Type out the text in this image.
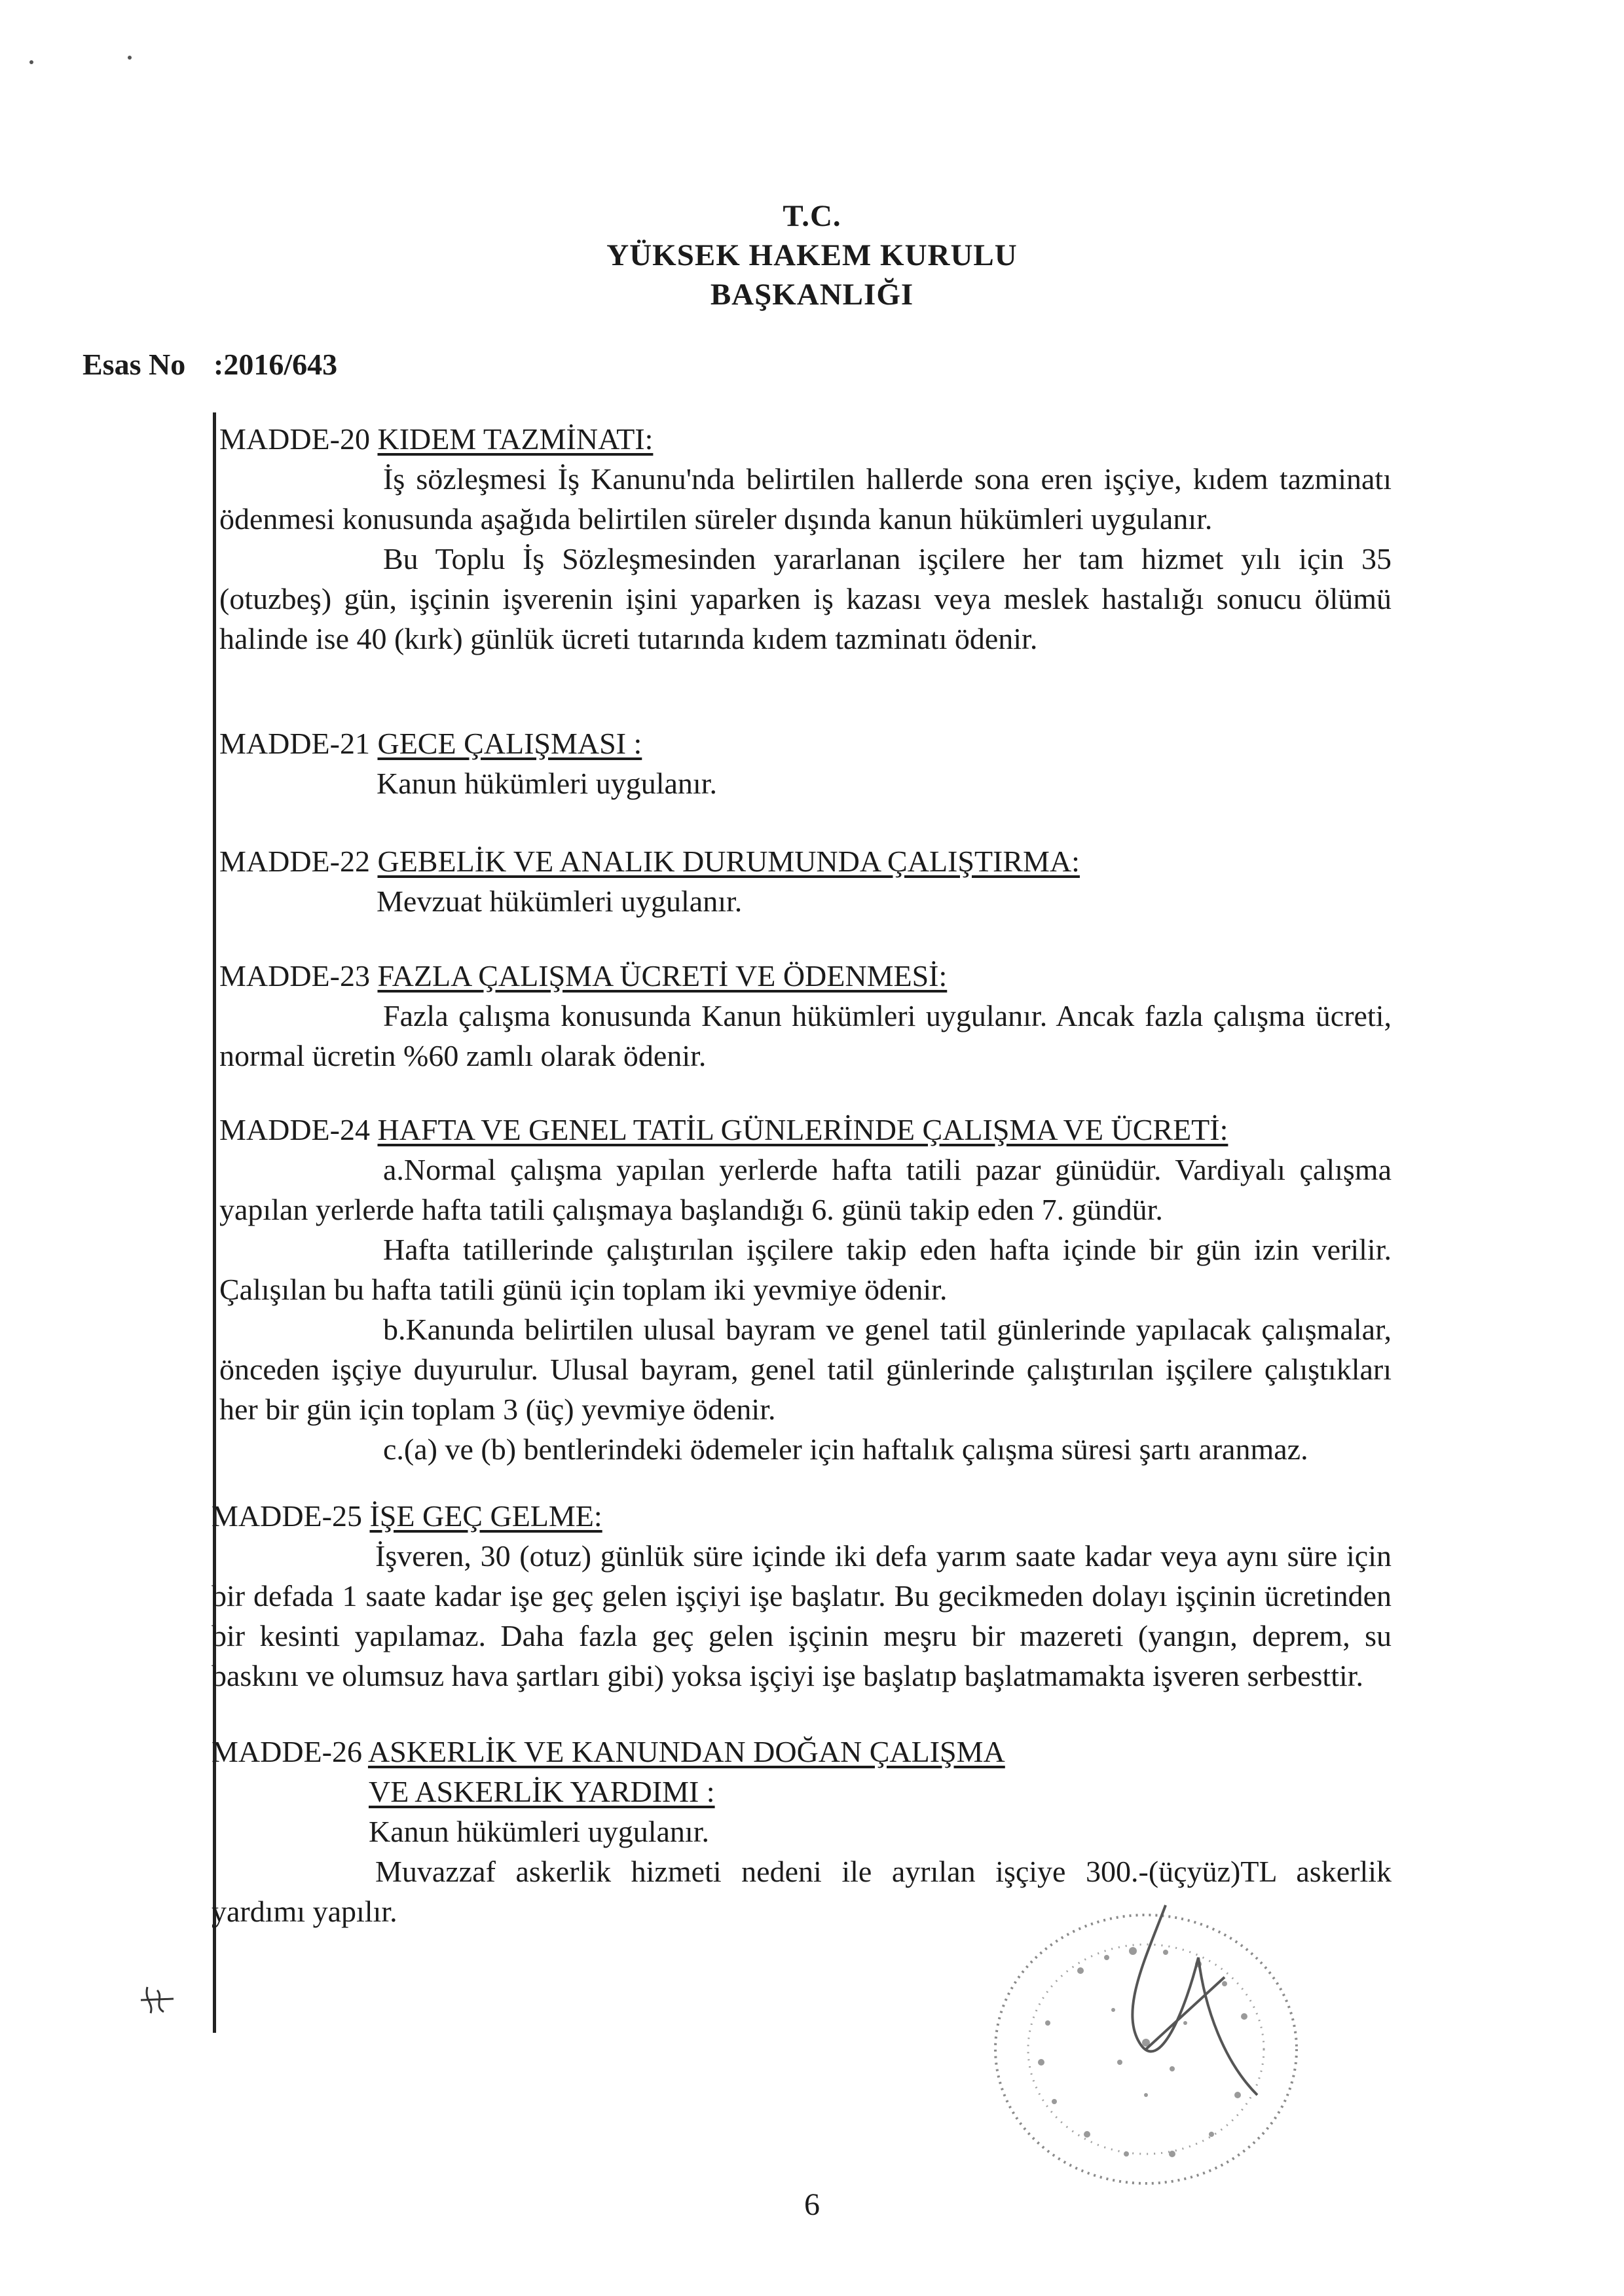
T.C.
YÜKSEK HAKEM KURULU
BAŞKANLIĞI
Esas No :2016/643
MADDE-20 KIDEM TAZMİNATI:

İş sözleşmesi İş Kanunu'nda belirtilen hallerde sona eren işçiye, kıdem tazminatı ödenmesi konusunda aşağıda belirtilen süreler dışında kanun hükümleri uygulanır.

Bu Toplu İş Sözleşmesinden yararlanan işçilere her tam hizmet yılı için 35 (otuzbeş) gün, işçinin işverenin işini yaparken iş kazası veya meslek hastalığı sonucu ölümü halinde ise 40 (kırk) günlük ücreti tutarında kıdem tazminatı ödenir.

MADDE-21 GECE ÇALIŞMASI :

Kanun hükümleri uygulanır.

MADDE-22 GEBELİK VE ANALIK DURUMUNDA ÇALIŞTIRMA:

Mevzuat hükümleri uygulanır.

MADDE-23 FAZLA ÇALIŞMA ÜCRETİ VE ÖDENMESİ:

Fazla çalışma konusunda Kanun hükümleri uygulanır. Ancak fazla çalışma ücreti, normal ücretin %60 zamlı olarak ödenir.

MADDE-24 HAFTA VE GENEL TATİL GÜNLERİNDE ÇALIŞMA VE ÜCRETİ:

a.Normal çalışma yapılan yerlerde hafta tatili pazar günüdür. Vardiyalı çalışma yapılan yerlerde hafta tatili çalışmaya başlandığı 6. günü takip eden 7. gündür.

Hafta tatillerinde çalıştırılan işçilere takip eden hafta içinde bir gün izin verilir. Çalışılan bu hafta tatili günü için toplam iki yevmiye ödenir.

b.Kanunda belirtilen ulusal bayram ve genel tatil günlerinde yapılacak çalışmalar, önceden işçiye duyurulur. Ulusal bayram, genel tatil günlerinde çalıştırılan işçilere çalıştıkları her bir gün için toplam 3 (üç) yevmiye ödenir.

c.(a) ve (b) bentlerindeki ödemeler için haftalık çalışma süresi şartı aranmaz.

MADDE-25 İŞE GEÇ GELME:

İşveren, 30 (otuz) günlük süre içinde iki defa yarım saate kadar veya aynı süre için bir defada 1 saate kadar işe geç gelen işçiyi işe başlatır. Bu gecikmeden dolayı işçinin ücretinden bir kesinti yapılamaz. Daha fazla geç gelen işçinin meşru bir mazereti (yangın, deprem, su baskını ve olumsuz hava şartları gibi) yoksa işçiyi işe başlatıp başlatmamakta işveren serbesttir.

MADDE-26 ASKERLİK VE KANUNDAN DOĞAN ÇALIŞMA
VE ASKERLİK YARDIMI :

Kanun hükümleri uygulanır.

Muvazzaf askerlik hizmeti nedeni ile ayrılan işçiye 300.-(üçyüz)TL askerlik yardımı yapılır.

6
